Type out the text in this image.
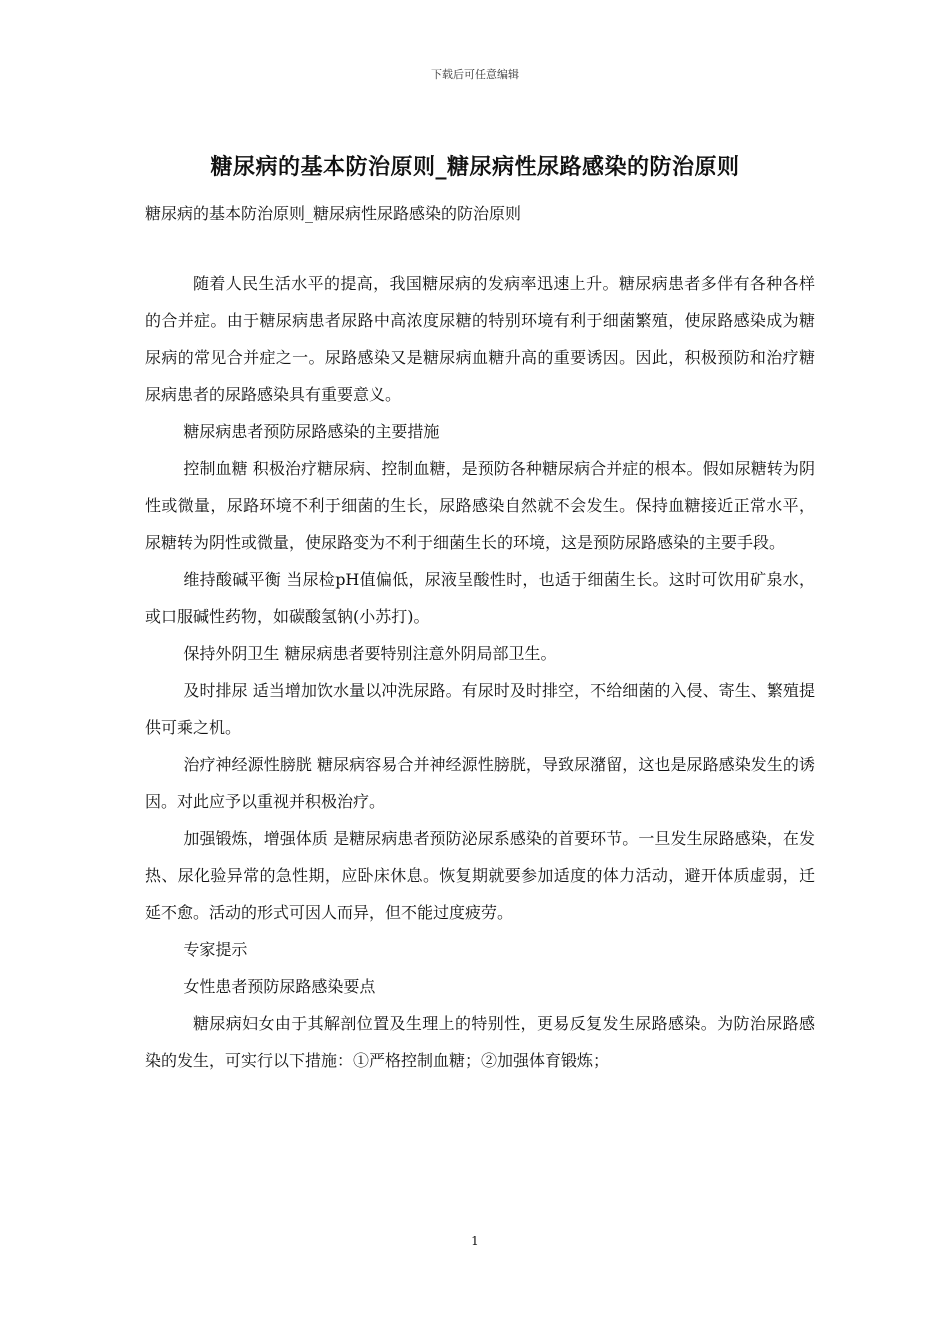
下载后可任意编辑
糖尿病的基本防治原则_糖尿病性尿路感染的防治原则
糖尿病的基本防治原则_糖尿病性尿路感染的防治原则

随着人民生活水平的提高，我国糖尿病的发病率迅速上升。糖尿病患者多伴有各种各样的合并症。由于糖尿病患者尿路中高浓度尿糖的特别环境有利于细菌繁殖，使尿路感染成为糖尿病的常见合并症之一。尿路感染又是糖尿病血糖升高的重要诱因。因此，积极预防和治疗糖尿病患者的尿路感染具有重要意义。

糖尿病患者预防尿路感染的主要措施

控制血糖 积极治疗糖尿病、控制血糖，是预防各种糖尿病合并症的根本。假如尿糖转为阴性或微量，尿路环境不利于细菌的生长，尿路感染自然就不会发生。保持血糖接近正常水平，尿糖转为阴性或微量，使尿路变为不利于细菌生长的环境，这是预防尿路感染的主要手段。

维持酸碱平衡 当尿检pH值偏低，尿液呈酸性时，也适于细菌生长。这时可饮用矿泉水，或口服碱性药物，如碳酸氢钠(小苏打)。

保持外阴卫生 糖尿病患者要特别注意外阴局部卫生。

及时排尿 适当增加饮水量以冲洗尿路。有尿时及时排空，不给细菌的入侵、寄生、繁殖提供可乘之机。

治疗神经源性膀胱 糖尿病容易合并神经源性膀胱，导致尿潴留，这也是尿路感染发生的诱因。对此应予以重视并积极治疗。

加强锻炼，增强体质 是糖尿病患者预防泌尿系感染的首要环节。一旦发生尿路感染，在发热、尿化验异常的急性期，应卧床休息。恢复期就要参加适度的体力活动，避开体质虚弱，迁延不愈。活动的形式可因人而异，但不能过度疲劳。

专家提示

女性患者预防尿路感染要点

糖尿病妇女由于其解剖位置及生理上的特别性，更易反复发生尿路感染。为防治尿路感染的发生，可实行以下措施：①严格控制血糖；②加强体育锻炼；

1
